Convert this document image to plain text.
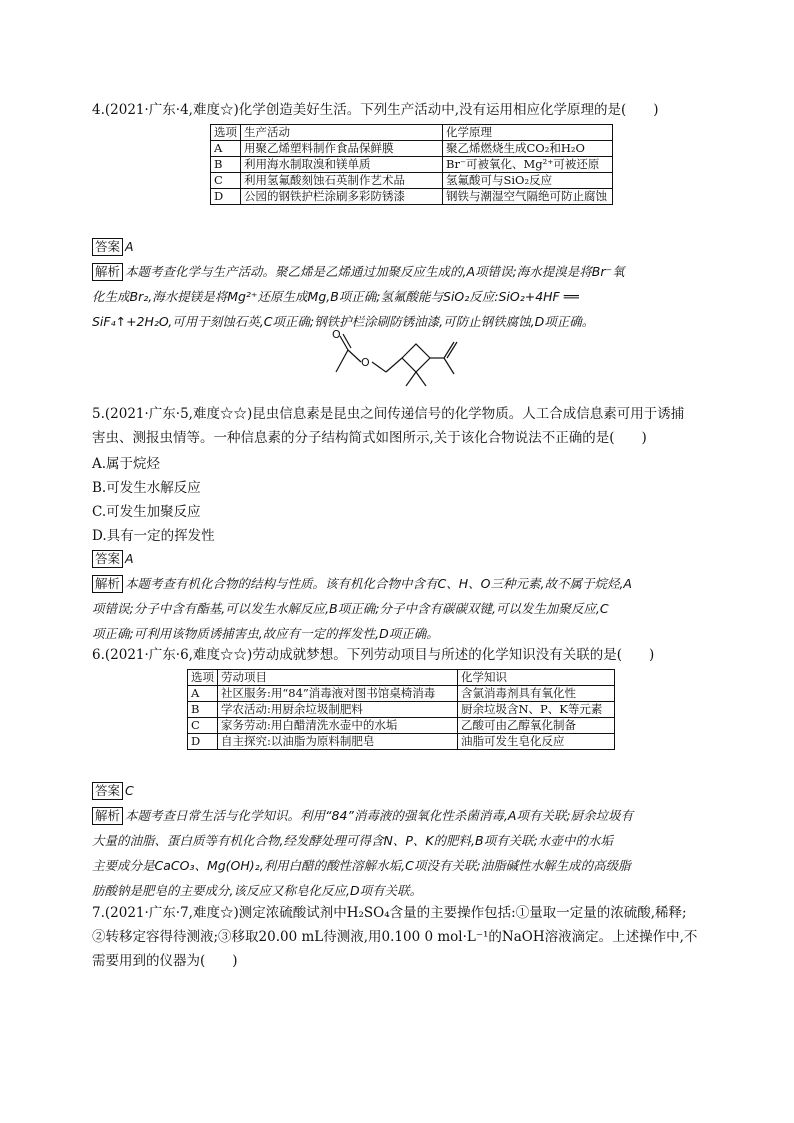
4.(2021·广东·4,难度☆)化学创造美好生活。下列生产活动中,没有运用相应化学原理的是(　　)
选项	生产活动	化学原理
A	用聚乙烯塑料制作食品保鲜膜	聚乙烯燃烧生成CO₂和H₂O
B	利用海水制取溴和镁单质	Br⁻可被氧化、Mg²⁺可被还原
C	利用氢氟酸刻蚀石英制作艺术品	氢氟酸可与SiO₂反应
D	公园的钢铁护栏涂刷多彩防锈漆	钢铁与潮湿空气隔绝可防止腐蚀
答案 A
解析 本题考查化学与生产活动。聚乙烯是乙烯通过加聚反应生成的,A项错误;海水提溴是将Br⁻氧
化生成Br₂,海水提镁是将Mg²⁺还原生成Mg,B项正确;氢氟酸能与SiO₂反应:SiO₂+4HF ══
SiF₄↑+2H₂O,可用于刻蚀石英,C项正确;钢铁护栏涂刷防锈油漆,可防止钢铁腐蚀,D项正确。
O
O
5.(2021·广东·5,难度☆☆)昆虫信息素是昆虫之间传递信号的化学物质。人工合成信息素可用于诱捕
害虫、测报虫情等。一种信息素的分子结构简式如图所示,关于该化合物说法不正确的是(　　)
A.属于烷烃
B.可发生水解反应
C.可发生加聚反应
D.具有一定的挥发性
答案 A
解析 本题考查有机化合物的结构与性质。该有机化合物中含有C、H、O三种元素,故不属于烷烃,A
项错误;分子中含有酯基,可以发生水解反应,B项正确;分子中含有碳碳双键,可以发生加聚反应,C
项正确;可利用该物质诱捕害虫,故应有一定的挥发性,D项正确。
6.(2021·广东·6,难度☆☆)劳动成就梦想。下列劳动项目与所述的化学知识没有关联的是(　　)
选项	劳动项目	化学知识
A	社区服务:用“84”消毒液对图书馆桌椅消毒	含氯消毒剂具有氧化性
B	学农活动:用厨余垃圾制肥料	厨余垃圾含N、P、K等元素
C	家务劳动:用白醋清洗水壶中的水垢	乙酸可由乙醇氧化制备
D	自主探究:以油脂为原料制肥皂	油脂可发生皂化反应
答案 C
解析 本题考查日常生活与化学知识。利用“84”消毒液的强氧化性杀菌消毒,A项有关联;厨余垃圾有
大量的油脂、蛋白质等有机化合物,经发酵处理可得含N、P、K的肥料,B项有关联;水壶中的水垢
主要成分是CaCO₃、Mg(OH)₂,利用白醋的酸性溶解水垢,C项没有关联;油脂碱性水解生成的高级脂
肪酸钠是肥皂的主要成分,该反应又称皂化反应,D项有关联。
7.(2021·广东·7,难度☆)测定浓硫酸试剂中H₂SO₄含量的主要操作包括:①量取一定量的浓硫酸,稀释;
②转移定容得待测液;③移取20.00 mL待测液,用0.100 0 mol·L⁻¹的NaOH溶液滴定。上述操作中,不
需要用到的仪器为(　　)
